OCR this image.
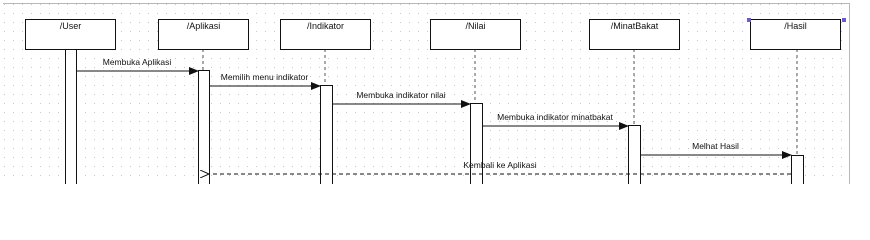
Membuka Aplikasi
Memilih menu indikator
Membuka indikator nilai
Membuka indikator minatbakat
Melhat Hasil
Kembali ke Aplikasi
/User	/Aplikasi	/Indikator	/Nilai	/MinatBakat	/Hasil
